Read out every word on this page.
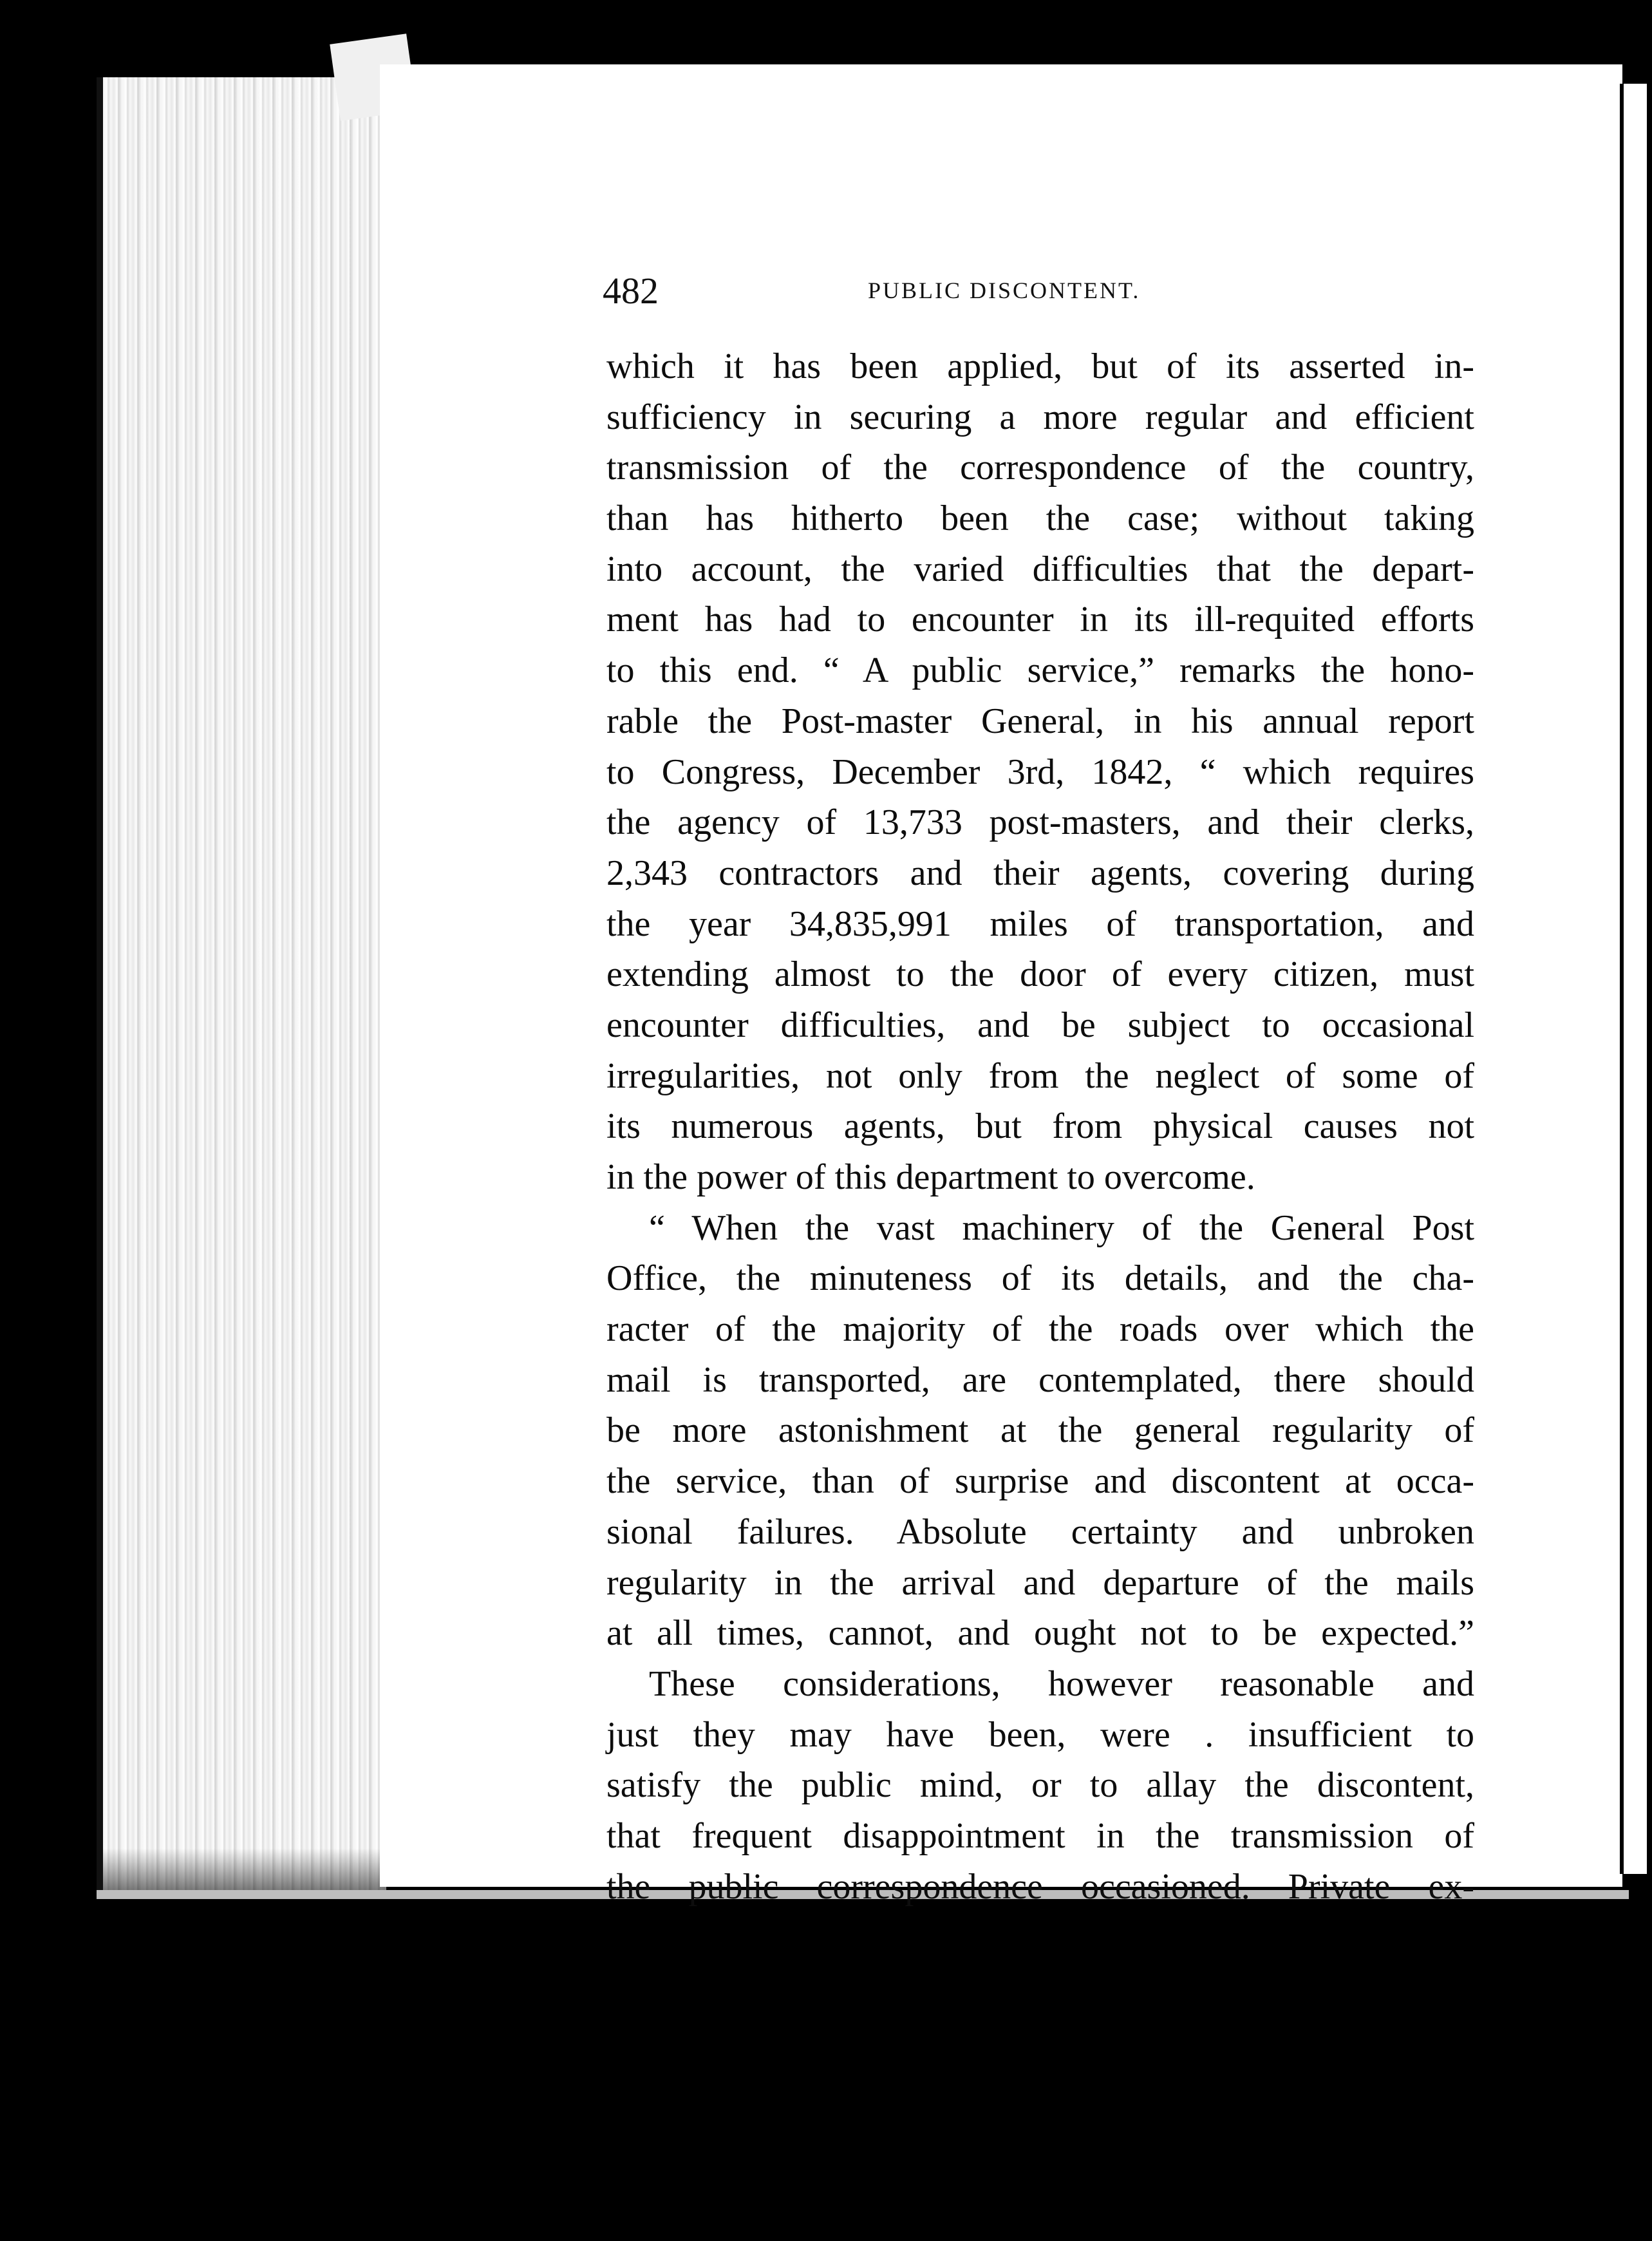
482	PUBLIC DISCONTENT.
which it has been applied, but of its asserted in-
sufficiency in securing a more regular and efficient
transmission of the correspondence of the country,
than has hitherto been the case; without taking
into account, the varied difficulties that the depart-
ment has had to encounter in its ill-requited efforts
to this end. “ A public service,” remarks the hono-
rable the Post-master General, in his annual report
to Congress, December 3rd, 1842, “ which requires
the agency of 13,733 post-masters, and their clerks,
2,343 contractors and their agents, covering during
the year 34,835,991 miles of transportation, and
extending almost to the door of every citizen, must
encounter difficulties, and be subject to occasional
irregularities, not only from the neglect of some of
its numerous agents, but from physical causes not
in the power of this department to overcome.
“ When the vast machinery of the General Post
Office, the minuteness of its details, and the cha-
racter of the majority of the roads over which the
mail is transported, are contemplated, there should
be more astonishment at the general regularity of
the service, than of surprise and discontent at occa-
sional failures. Absolute certainty and unbroken
regularity in the arrival and departure of the mails
at all times, cannot, and ought not to be expected.”
These considerations, however reasonable and
just they may have been, were . insufficient to
satisfy the public mind, or to allay the discontent,
that frequent disappointment in the transmission of
the public correspondence occasioned. Private ex-
